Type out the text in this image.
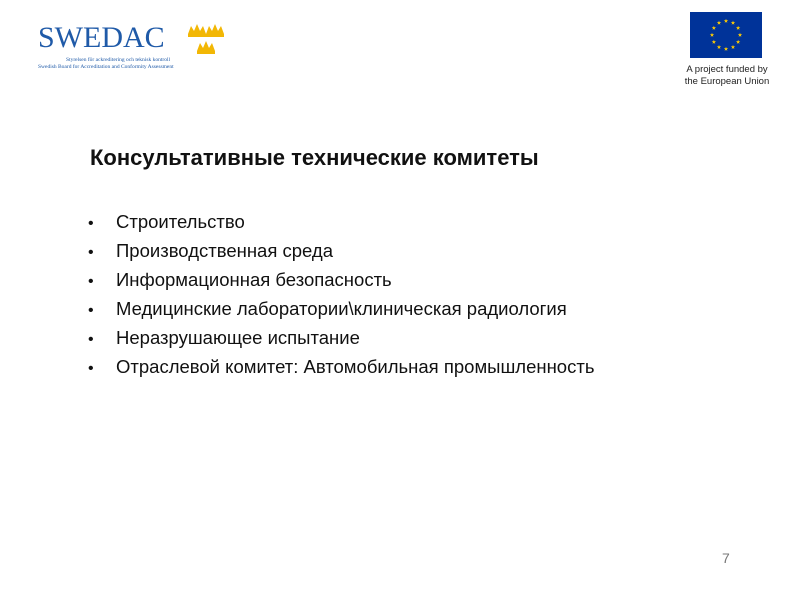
SWEDAC
Styrelsen för ackreditering och teknisk kontroll
Swedish Board for Accreditation and Conformity Assessment	A project funded by
the European Union
Консультативные технические комитеты
•	Строительство
•	Производственная среда
•	Информационная безопасность
•	Медицинские лаборатории\клиническая радиология
•	Неразрушающее испытание
•	Отраслевой комитет: Автомобильная промышленность
7
